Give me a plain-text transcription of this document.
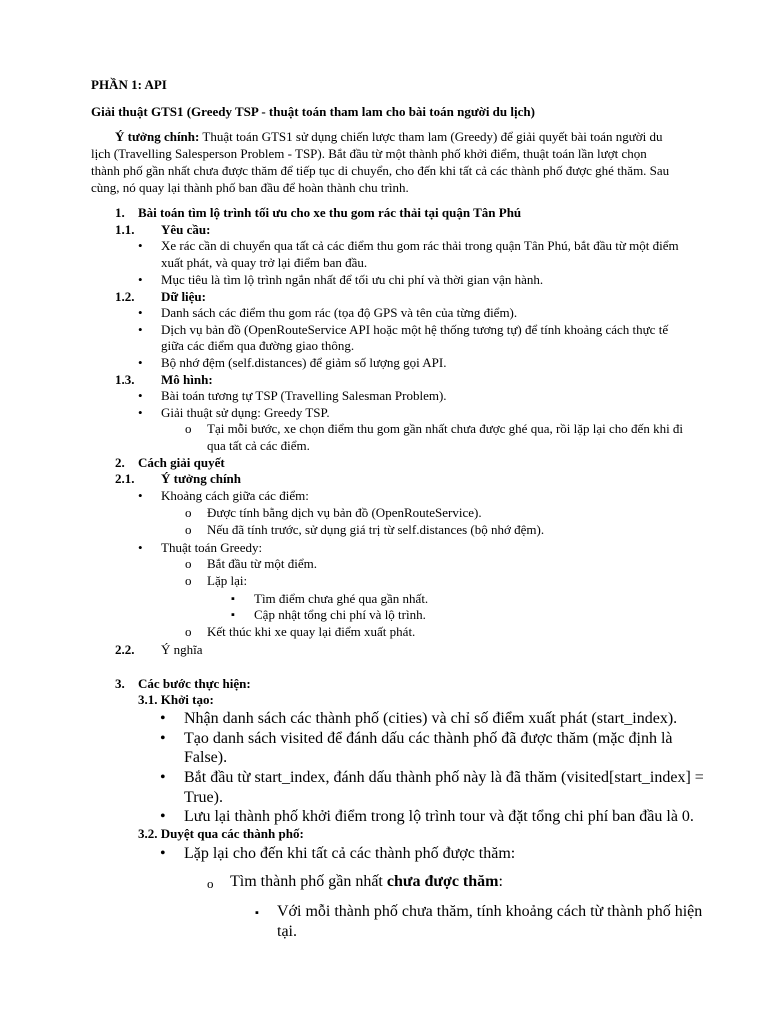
PHẦN 1: API
Giải thuật GTS1 (Greedy TSP - thuật toán tham lam cho bài toán người du lịch)
Ý tưởng chính: Thuật toán GTS1 sử dụng chiến lược tham lam (Greedy) để giải quyết bài toán người du
lịch (Travelling Salesperson Problem - TSP). Bắt đầu từ một thành phố khởi điểm, thuật toán lần lượt chọn
thành phố gần nhất chưa được thăm để tiếp tục di chuyển, cho đến khi tất cả các thành phố được ghé thăm. Sau
cùng, nó quay lại thành phố ban đầu để hoàn thành chu trình.
1. Bài toán tìm lộ trình tối ưu cho xe thu gom rác thải tại quận Tân Phú
1.1. Yêu cầu:
• Xe rác cần di chuyển qua tất cả các điểm thu gom rác thải trong quận Tân Phú, bắt đầu từ một điểm
xuất phát, và quay trở lại điểm ban đầu.
• Mục tiêu là tìm lộ trình ngắn nhất để tối ưu chi phí và thời gian vận hành.
1.2. Dữ liệu:
• Danh sách các điểm thu gom rác (tọa độ GPS và tên của từng điểm).
• Dịch vụ bản đồ (OpenRouteService API hoặc một hệ thống tương tự) để tính khoảng cách thực tế
giữa các điểm qua đường giao thông.
• Bộ nhớ đệm (self.distances) để giảm số lượng gọi API.
1.3. Mô hình:
• Bài toán tương tự TSP (Travelling Salesman Problem).
• Giải thuật sử dụng: Greedy TSP.
o Tại mỗi bước, xe chọn điểm thu gom gần nhất chưa được ghé qua, rồi lặp lại cho đến khi đi
qua tất cả các điểm.
2. Cách giải quyết
2.1. Ý tưởng chính
• Khoảng cách giữa các điểm:
o Được tính bằng dịch vụ bản đồ (OpenRouteService).
o Nếu đã tính trước, sử dụng giá trị từ self.distances (bộ nhớ đệm).
• Thuật toán Greedy:
o Bắt đầu từ một điểm.
o Lặp lại:
▪ Tìm điểm chưa ghé qua gần nhất.
▪ Cập nhật tổng chi phí và lộ trình.
o Kết thúc khi xe quay lại điểm xuất phát.
2.2. Ý nghĩa
3. Các bước thực hiện:
3.1. Khởi tạo:
• Nhận danh sách các thành phố (cities) và chỉ số điểm xuất phát (start_index).
• Tạo danh sách visited để đánh dấu các thành phố đã được thăm (mặc định là
False).
• Bắt đầu từ start_index, đánh dấu thành phố này là đã thăm (visited[start_index] =
True).
• Lưu lại thành phố khởi điểm trong lộ trình tour và đặt tổng chi phí ban đầu là 0.
3.2. Duyệt qua các thành phố:
• Lặp lại cho đến khi tất cả các thành phố được thăm:
o Tìm thành phố gần nhất chưa được thăm:
▪ Với mỗi thành phố chưa thăm, tính khoảng cách từ thành phố hiện
tại.
